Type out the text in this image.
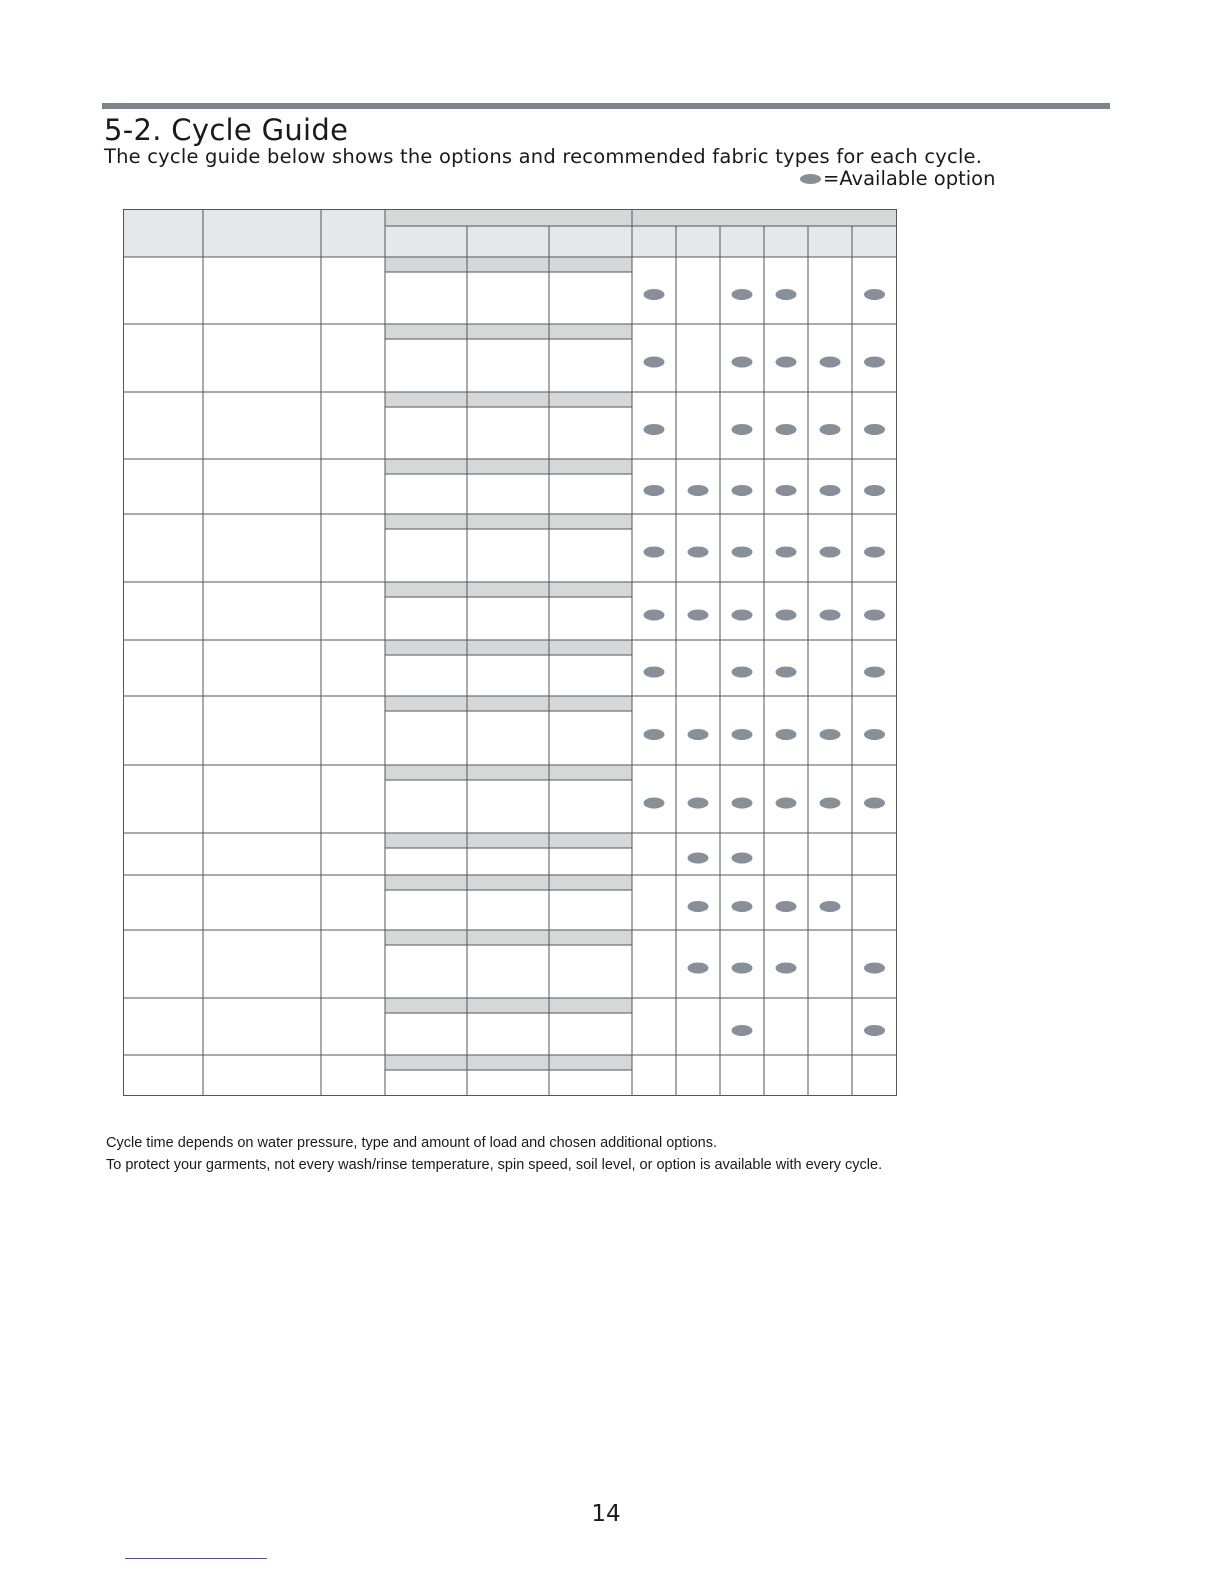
5-2. Cycle Guide

The cycle guide below shows the options and recommended fabric types for each cycle.

=Available option

Cycle time depends on water pressure, type and amount of load and chosen additional options.

To protect your garments, not every wash/rinse temperature, spin speed, soil level, or option is available with every cycle.

14
